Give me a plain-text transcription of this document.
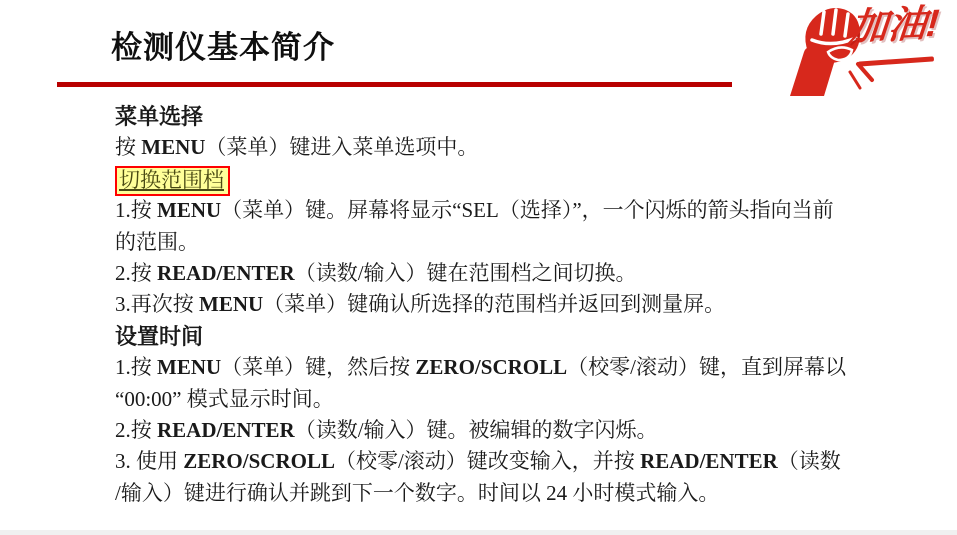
检测仪基本简介	加油!
菜单选择
按 MENU（菜单）键进入菜单选项中。
切换范围档
1.按 MENU（菜单）键。屏幕将显示“SEL（选择）”，一个闪烁的箭头指向当前
的范围。
2.按 READ/ENTER（读数/输入）键在范围档之间切换。
3.再次按 MENU（菜单）键确认所选择的范围档并返回到测量屏。
设置时间
1.按 MENU（菜单）键，然后按 ZERO/SCROLL（校零/滚动）键，直到屏幕以
“00:00” 模式显示时间。
2.按 READ/ENTER（读数/输入）键。被编辑的数字闪烁。
3. 使用 ZERO/SCROLL（校零/滚动）键改变输入，并按 READ/ENTER（读数
/输入）键进行确认并跳到下一个数字。时间以 24 小时模式输入。
